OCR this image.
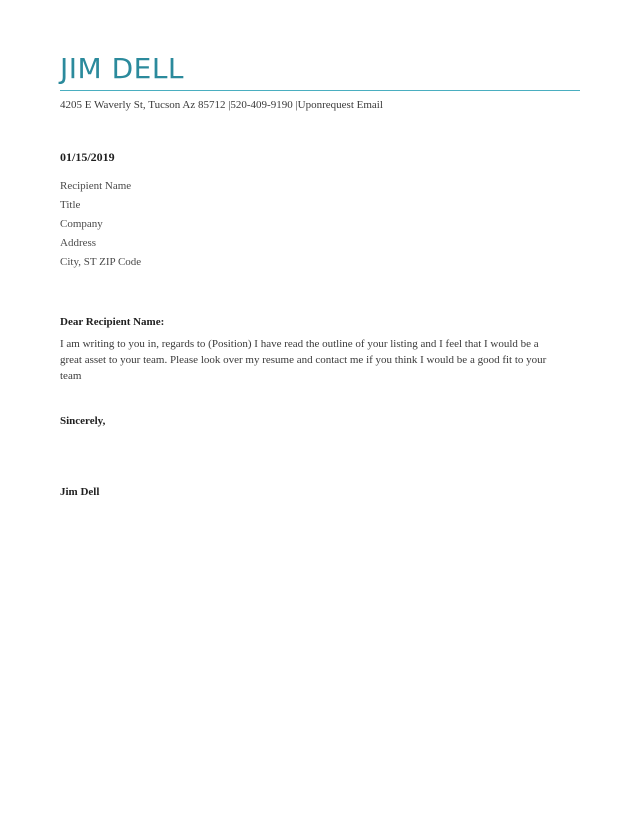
JIM DELL
4205 E Waverly St, Tucson Az 85712 |520-409-9190 |Uponrequest Email
01/15/2019
Recipient Name
Title
Company
Address
City, ST ZIP Code
Dear Recipient Name:

I am writing to you in, regards to (Position) I have read the outline of your listing and I feel that I would be a great asset to your team. Please look over my resume and contact me if you think I would be a good fit to your team

Sincerely,
Jim Dell
